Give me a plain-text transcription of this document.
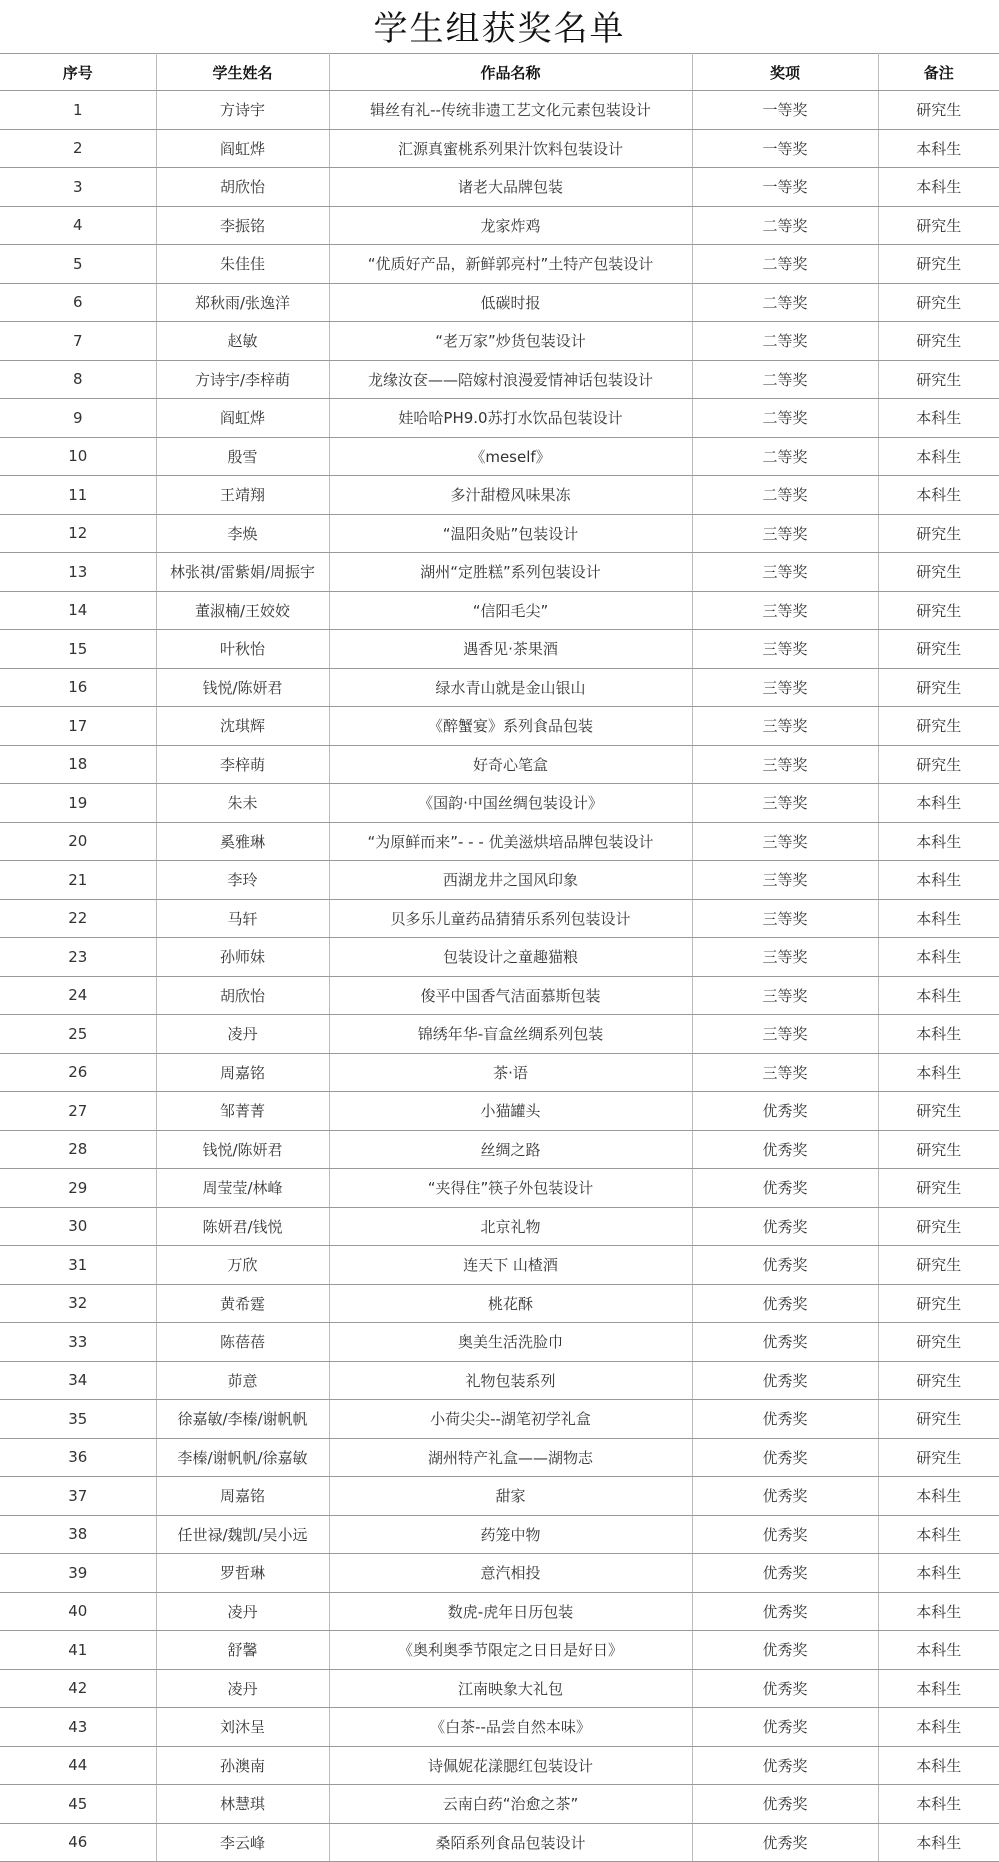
学生组获奖名单
序号	学生姓名	作品名称	奖项	备注
1	方诗宇	辑丝有礼--传统非遗工艺文化元素包装设计	一等奖	研究生
2	阎虹烨	汇源真蜜桃系列果汁饮料包装设计	一等奖	本科生
3	胡欣怡	诸老大品牌包装	一等奖	本科生
4	李振铭	龙家炸鸡	二等奖	研究生
5	朱佳佳	“优质好产品，新鲜郭亮村”土特产包装设计	二等奖	研究生
6	郑秋雨/张逸洋	低碳时报	二等奖	研究生
7	赵敏	“老万家”炒货包装设计	二等奖	研究生
8	方诗宇/李梓萌	龙缘汝奁——陪嫁村浪漫爱情神话包装设计	二等奖	研究生
9	阎虹烨	娃哈哈PH9.0苏打水饮品包装设计	二等奖	本科生
10	殷雪	《meself》	二等奖	本科生
11	王靖翔	多汁甜橙风味果冻	二等奖	本科生
12	李焕	“温阳灸贴”包装设计	三等奖	研究生
13	林张祺/雷紫娟/周振宇	湖州“定胜糕”系列包装设计	三等奖	研究生
14	董淑楠/王姣姣	“信阳毛尖”	三等奖	研究生
15	叶秋怡	遇香见·茶果酒	三等奖	研究生
16	钱悦/陈妍君	绿水青山就是金山银山	三等奖	研究生
17	沈琪辉	《醉蟹宴》系列食品包装	三等奖	研究生
18	李梓萌	好奇心笔盒	三等奖	研究生
19	朱未	《国韵·中国丝绸包装设计》	三等奖	本科生
20	奚雅琳	“为原鲜而来”- - - 优美滋烘培品牌包装设计	三等奖	本科生
21	李玲	西湖龙井之国风印象	三等奖	本科生
22	马轩	贝多乐儿童药品猜猜乐系列包装设计	三等奖	本科生
23	孙师妹	包装设计之童趣猫粮	三等奖	本科生
24	胡欣怡	俊平中国香气洁面慕斯包装	三等奖	本科生
25	凌丹	锦绣年华-盲盒丝绸系列包装	三等奖	本科生
26	周嘉铭	茶·语	三等奖	本科生
27	邹菁菁	小猫罐头	优秀奖	研究生
28	钱悦/陈妍君	丝绸之路	优秀奖	研究生
29	周莹莹/林峰	“夹得住”筷子外包装设计	优秀奖	研究生
30	陈妍君/钱悦	北京礼物	优秀奖	研究生
31	万欣	连天下 山楂酒	优秀奖	研究生
32	黄希霆	桃花酥	优秀奖	研究生
33	陈蓓蓓	奥美生活洗脸巾	优秀奖	研究生
34	茆意	礼物包装系列	优秀奖	研究生
35	徐嘉敏/李榛/谢帆帆	小荷尖尖--湖笔初学礼盒	优秀奖	研究生
36	李榛/谢帆帆/徐嘉敏	湖州特产礼盒——湖物志	优秀奖	研究生
37	周嘉铭	甜家	优秀奖	本科生
38	任世禄/魏凯/吴小远	药笼中物	优秀奖	本科生
39	罗哲琳	意汽相投	优秀奖	本科生
40	凌丹	数虎-虎年日历包装	优秀奖	本科生
41	舒馨	《奥利奥季节限定之日日是好日》	优秀奖	本科生
42	凌丹	江南映象大礼包	优秀奖	本科生
43	刘沐呈	《白茶--品尝自然本味》	优秀奖	本科生
44	孙澳南	诗佩妮花漾腮红包装设计	优秀奖	本科生
45	林慧琪	云南白药“治愈之茶”	优秀奖	本科生
46	李云峰	桑陌系列食品包装设计	优秀奖	本科生
